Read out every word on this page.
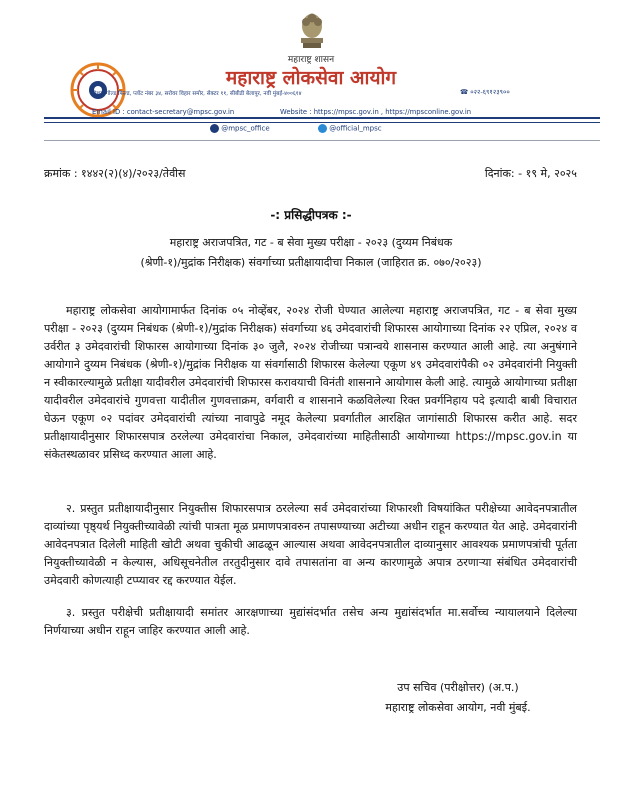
महाराष्ट्र शासन
महाराष्ट्र लोकसेवा आयोग
त्रिशूल गोल्ड फिल्ड, प्लॉट नंबर ३४, सरोवर विहार समोर, सेक्टर ११, सीबीडी बेलापूर, नवी मुंबई-४००६१४	☎ ०२२-६९१२३९००
Email ID : contact-secretary@mpsc.gov.in	Website : https://mpsc.gov.in , https://mpsconline.gov.in
@mpsc_office	@official_mpsc
क्रमांक : १४४२(२)(४)/२०२३/तेवीस	दिनांक: - १९ मे, २०२५
-: प्रसिद्धीपत्रक :-
महाराष्ट्र अराजपत्रित, गट - ब सेवा मुख्य परीक्षा - २०२३ (दुय्यम निबंधक
(श्रेणी-१)/मुद्रांक निरीक्षक) संवर्गाच्या प्रतीक्षायादीचा निकाल (जाहिरात क्र. ०७०/२०२३)
महाराष्ट्र लोकसेवा आयोगामार्फत दिनांक ०५ नोव्हेंबर, २०२४ रोजी घेण्यात आलेल्या महाराष्ट्र अराजपत्रित, गट - ब सेवा मुख्य परीक्षा - २०२३ (दुय्यम निबंधक (श्रेणी-१)/मुद्रांक निरीक्षक) संवर्गाच्या ४६ उमेदवारांची शिफारस आयोगाच्या दिनांक २२ एप्रिल, २०२४ व उर्वरीत ३ उमेदवारांची शिफारस आयोगाच्या दिनांक ३० जुलै, २०२४ रोजीच्या पत्रान्वये शासनास करण्यात आली आहे. त्या अनुषंगाने आयोगाने दुय्यम निबंधक (श्रेणी-१)/मुद्रांक निरीक्षक या संवर्गासाठी शिफारस केलेल्या एकूण ४९ उमेदवारांपैकी ०२ उमेदवारांनी नियुक्ती न स्वीकारल्यामुळे प्रतीक्षा यादीवरील उमेदवारांची शिफारस करावयाची विनंती शासनाने आयोगास केली आहे. त्यामुळे आयोगाच्या प्रतीक्षा यादीवरील उमेदवारांचे गुणवत्ता यादीतील गुणवत्ताक्रम, वर्गवारी व शासनाने कळविलेल्या रिक्त प्रवर्गनिहाय पदे इत्यादी बाबी विचारात घेऊन एकूण ०२ पदांवर उमेदवारांची त्यांच्या नावापुढे नमूद केलेल्या प्रवर्गातील आरक्षित जागांसाठी शिफारस करीत आहे. सदर प्रतीक्षायादीनुसार शिफारसपात्र ठरलेल्या उमेदवारांचा निकाल, उमेदवारांच्या माहितीसाठी आयोगाच्या https://mpsc.gov.in या संकेतस्थळावर प्रसिध्द करण्यात आला आहे.
२. प्रस्तुत प्रतीक्षायादीनुसार नियुक्तीस शिफारसपात्र ठरलेल्या सर्व उमेदवारांच्या शिफारशी विषयांकित परीक्षेच्या आवेदनपत्रातील दाव्यांच्या पृष्ठ्यर्थ नियुक्तीच्यावेळी त्यांची पात्रता मूळ प्रमाणपत्रावरुन तपासण्याच्या अटीच्या अधीन राहून करण्यात येत आहे. उमेदवारांनी आवेदनपत्रात दिलेली माहिती खोटी अथवा चुकीची आढळून आल्यास अथवा आवेदनपत्रातील दाव्यानुसार आवश्यक प्रमाणपत्रांची पूर्तता नियुक्तीच्यावेळी न केल्यास, अधिसूचनेतील तरतुदीनुसार दावे तपासतांना वा अन्य कारणामुळे अपात्र ठरणाऱ्या संबंधित उमेदवारांची उमेदवारी कोणत्याही टप्प्यावर रद्द करण्यात येईल.
३. प्रस्तुत परीक्षेची प्रतीक्षायादी समांतर आरक्षणाच्या मुद्यांसंदर्भात तसेच अन्य मुद्यांसंदर्भात मा.सर्वोच्च न्यायालयाने दिलेल्या निर्णयाच्या अधीन राहून जाहिर करण्यात आली आहे.
उप सचिव (परीक्षोत्तर) (अ.प.)
महाराष्ट्र लोकसेवा आयोग, नवी मुंबई.
